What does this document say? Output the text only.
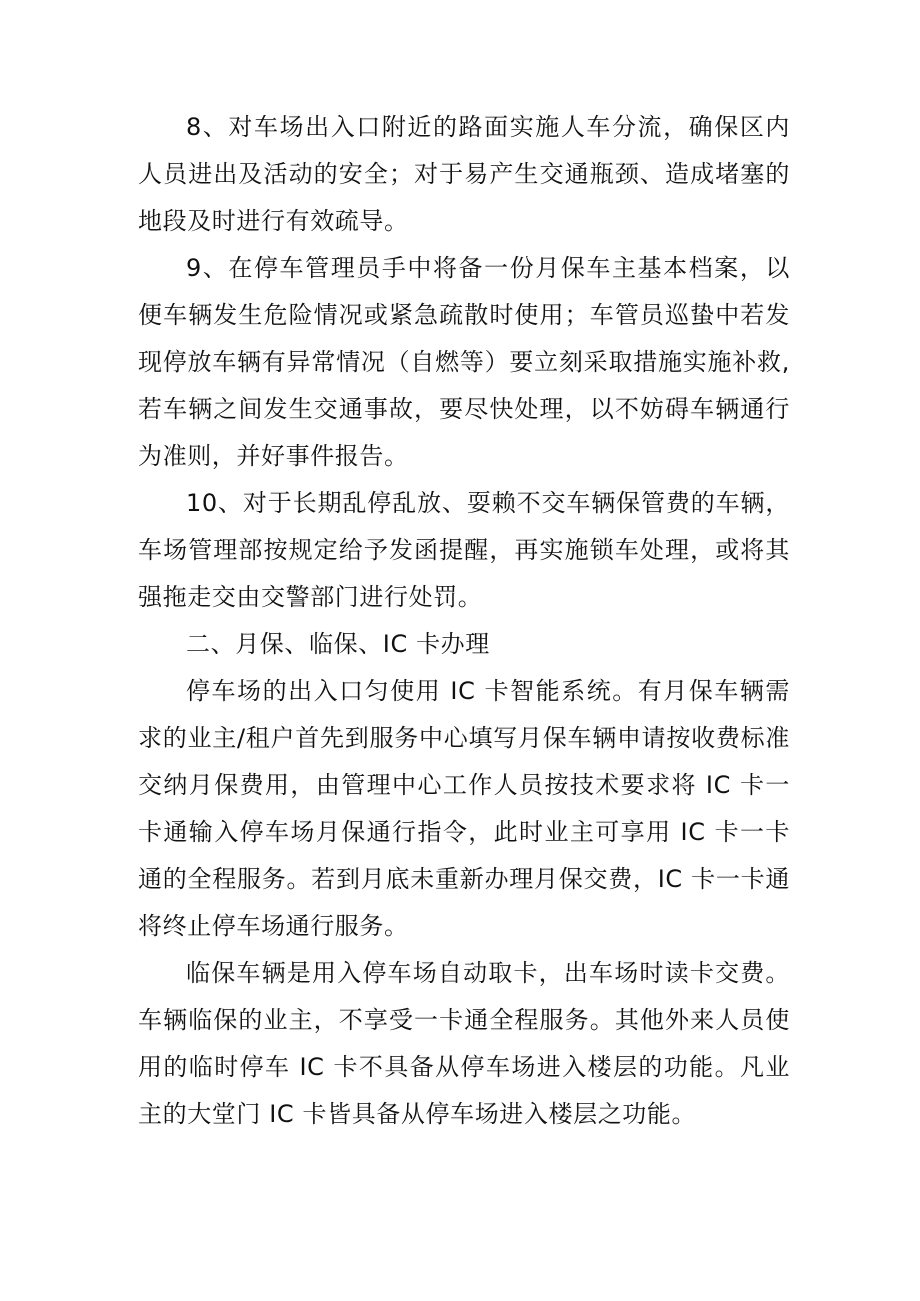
8、对车场出入口附近的路面实施人车分流，确保区内人员进出及活动的安全；对于易产生交通瓶颈、造成堵塞的地段及时进行有效疏导。

9、在停车管理员手中将备一份月保车主基本档案，以便车辆发生危险情况或紧急疏散时使用；车管员巡蛰中若发现停放车辆有异常情况（自燃等）要立刻采取措施实施补救,若车辆之间发生交通事故，要尽快处理，以不妨碍车辆通行为准则，并好事件报告。

10、对于长期乱停乱放、耍赖不交车辆保管费的车辆，车场管理部按规定给予发函提醒，再实施锁车处理，或将其强拖走交由交警部门进行处罚。

二、月保、临保、IC 卡办理

停车场的出入口匀使用 IC 卡智能系统。有月保车辆需求的业主/租户首先到服务中心填写月保车辆申请按收费标准交纳月保费用，由管理中心工作人员按技术要求将 IC 卡一卡通输入停车场月保通行指令，此时业主可享用 IC 卡一卡通的全程服务。若到月底未重新办理月保交费，IC 卡一卡通将终止停车场通行服务。

临保车辆是用入停车场自动取卡，出车场时读卡交费。车辆临保的业主，不享受一卡通全程服务。其他外来人员使用的临时停车 IC 卡不具备从停车场进入楼层的功能。凡业主的大堂门 IC 卡皆具备从停车场进入楼层之功能。
